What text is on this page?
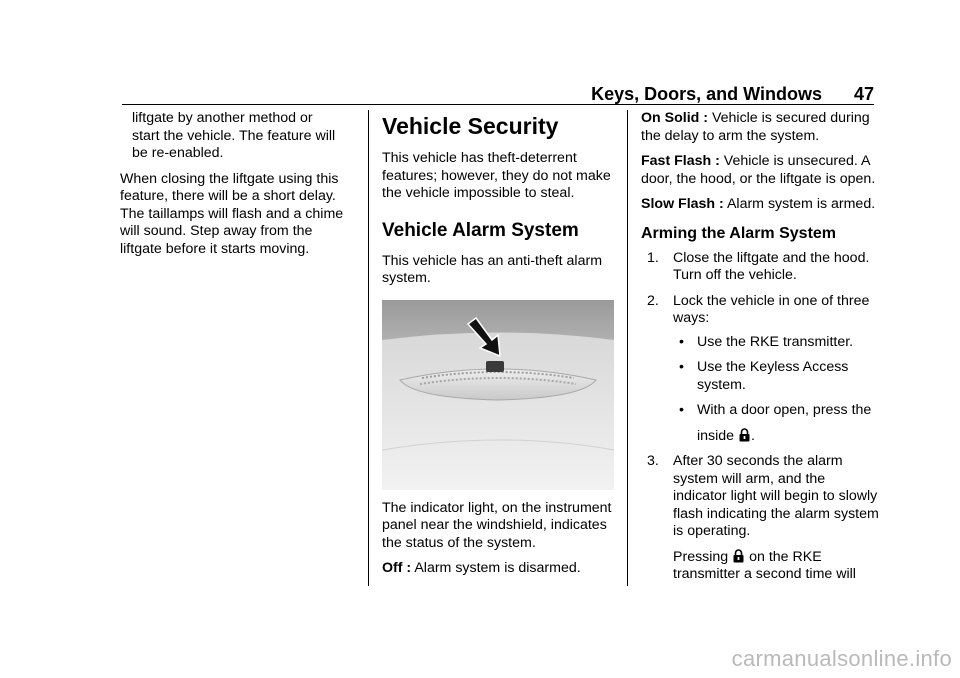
Keys, Doors, and Windows 47
liftgate by another method or
start the vehicle. The feature will
be re-enabled.

When closing the liftgate using this feature, there will be a short delay. The taillamps will flash and a chime will sound. Step away from the liftgate before it starts moving.

Vehicle Security

This vehicle has theft-deterrent features; however, they do not make the vehicle impossible to steal.

Vehicle Alarm System

This vehicle has an anti-theft alarm system.

The indicator light, on the instrument panel near the windshield, indicates the status of the system.

Off : Alarm system is disarmed.

On Solid : Vehicle is secured during the delay to arm the system.

Fast Flash : Vehicle is unsecured. A door, the hood, or the liftgate is open.

Slow Flash : Alarm system is armed.

Arming the Alarm System
1. Close the liftgate and the hood. Turn off the vehicle.
2. Lock the vehicle in one of three ways:
• Use the RKE transmitter.
• Use the Keyless Access system.
• With a door open, press the
inside .
3. After 30 seconds the alarm system will arm, and the indicator light will begin to slowly flash indicating the alarm system is operating.
Pressing on the RKE transmitter a second time will
carmanualsonline.info
